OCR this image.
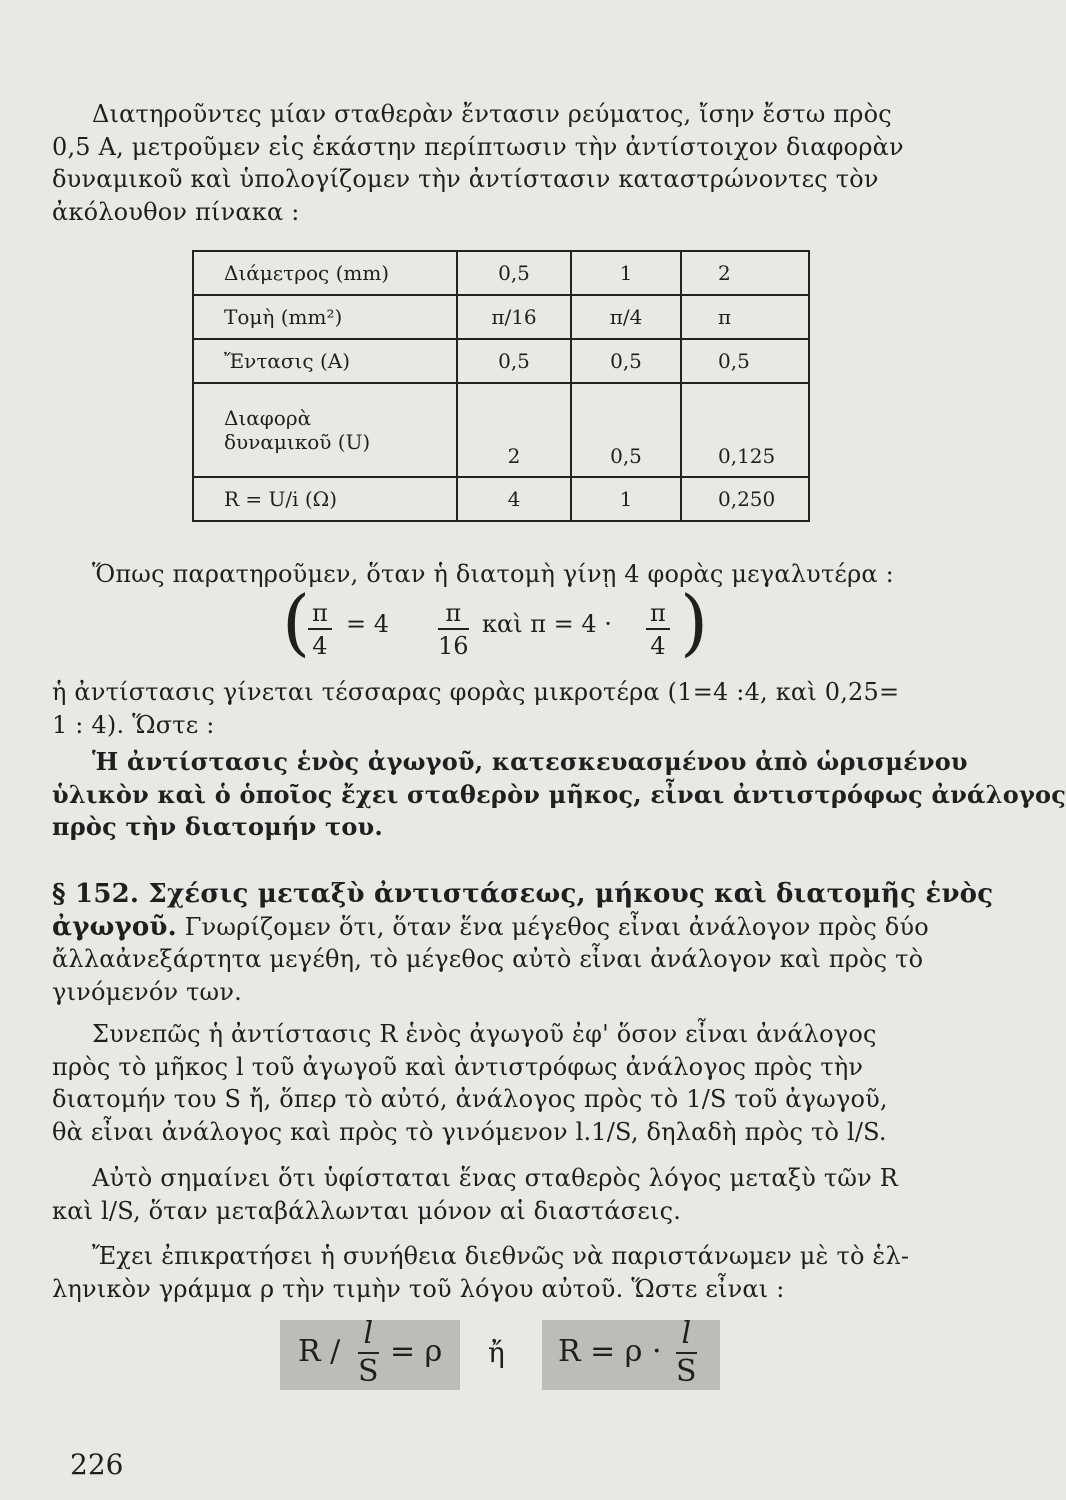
Διατηροῦντες μίαν σταθερὰν ἔντασιν ρεύματος, ἴσην ἔστω πρὸς
0,5 A, μετροῦμεν εἰς ἑκάστην περίπτωσιν τὴν ἀντίστοιχον διαφορὰν
δυναμικοῦ καὶ ὑπολογίζομεν τὴν ἀντίστασιν καταστρώνοντες τὸν
ἀκόλουθον πίνακα :

Διάμετρος (mm)	0,5	1	2
Τομὴ (mm²)	π/16	π/4	π
Ἔντασις (A)	0,5	0,5	0,5

Διαφορὰ
δυναμικοῦ (U)	2	0,5	0,125
R = U/i (Ω)	4	1	0,250

Ὅπως παρατηροῦμεν, ὅταν ἡ διατομὴ γίνῃ 4 φορὰς μεγαλυτέρα :

(
$\frac{\pi}{4} = 4 \frac{\pi}{16}$ καὶ $\pi = 4 \cdot \frac{\pi}{4}$ )

ἡ ἀντίστασις γίνεται τέσσαρας φορὰς μικροτέρα (1=4 :4, καὶ 0,25=
1 : 4). Ὥστε :

Ἡ ἀντίστασις ἑνὸς ἀγωγοῦ, κατεσκευασμένου ἀπὸ ὡρισμένου
ὑλικὸν καὶ ὁ ὁποῖος ἔχει σταθερὸν μῆκος, εἶναι ἀντιστρόφως ἀνάλογος
πρὸς τὴν διατομήν του.

§ 152. Σχέσις μεταξὺ ἀντιστάσεως, μήκους καὶ διατομῆς ἑνὸς
ἀγωγοῦ. Γνωρίζομεν ὅτι, ὅταν ἕνα μέγεθος εἶναι ἀνάλογον πρὸς δύο
ἄλλαἀνεξάρτητα μεγέθη, τὸ μέγεθος αὐτὸ εἶναι ἀνάλογον καὶ πρὸς τὸ
γινόμενόν των.

Συνεπῶς ἡ ἀντίστασις R ἑνὸς ἀγωγοῦ ἐφ' ὅσον εἶναι ἀνάλογος
πρὸς τὸ μῆκος l τοῦ ἀγωγοῦ καὶ ἀντιστρόφως ἀνάλογος πρὸς τὴν
διατομήν του S ἤ, ὅπερ τὸ αὐτό, ἀνάλογος πρὸς τὸ 1/S τοῦ ἀγωγοῦ,
θὰ εἶναι ἀνάλογος καὶ πρὸς τὸ γινόμενον l.1/S, δηλαδὴ πρὸς τὸ l/S.

Αὐτὸ σημαίνει ὅτι ὑφίσταται ἕνας σταθερὸς λόγος μεταξὺ τῶν R
καὶ l/S, ὅταν μεταβάλλωνται μόνον αἱ διαστάσεις.

Ἔχει ἐπικρατήσει ἡ συνήθεια διεθνῶς νὰ παριστάνωμεν μὲ τὸ ἑλ-
ληνικὸν γράμμα ρ τὴν τιμὴν τοῦ λόγου αὐτοῦ. Ὥστε εἶναι :

$R / \frac{l}{S} = \rho$ ἤ $R = \rho \cdot \frac{l}{S}$
226
